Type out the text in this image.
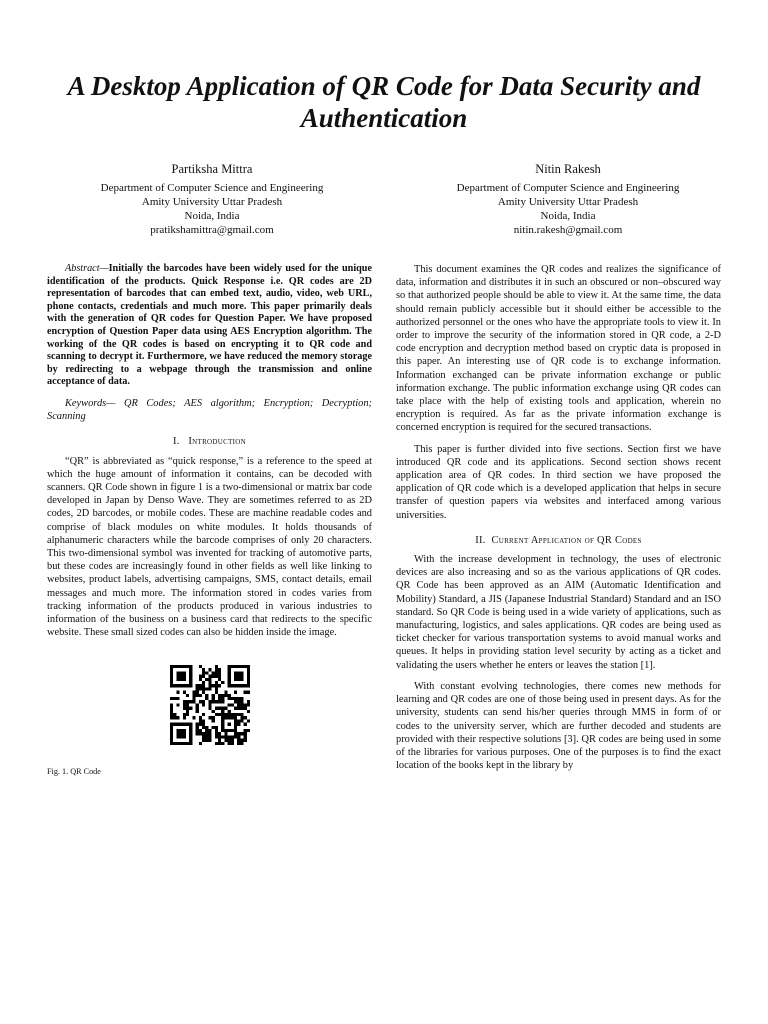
A Desktop Application of QR Code for Data Security and Authentication
Partiksha Mittra
Department of Computer Science and Engineering
Amity University Uttar Pradesh
Noida, India
pratikshamittra@gmail.com
Nitin Rakesh
Department of Computer Science and Engineering
Amity University Uttar Pradesh
Noida, India
nitin.rakesh@gmail.com

Abstract—Initially the barcodes have been widely used for the unique identification of the products. Quick Response i.e. QR codes are 2D representation of barcodes that can embed text, audio, video, web URL, phone contacts, credentials and much more. This paper primarily deals with the generation of QR codes for Question Paper. We have proposed encryption of Question Paper data using AES Encryption algorithm. The working of the QR codes is based on encrypting it to QR code and scanning to decrypt it. Furthermore, we have reduced the memory storage by redirecting to a webpage through the transmission and online acceptance of data.

Keywords— QR Codes; AES algorithm; Encryption; Decryption; Scanning

I. Introduction

“QR” is abbreviated as “quick response,” is a reference to the speed at which the huge amount of information it contains, can be decoded with scanners. QR Code shown in figure 1 is a two-dimensional or matrix bar code developed in Japan by Denso Wave. They are sometimes referred to as 2D codes, 2D barcodes, or mobile codes. These are machine readable codes and comprise of black modules on white modules. It holds thousands of alphanumeric characters while the barcode comprises of only 20 characters. This two-dimensional symbol was invented for tracking of automotive parts, but these codes are increasingly found in other fields as well like linking to websites, product labels, advertising campaigns, SMS, contact details, email messages and much more. The information stored in codes varies from tracking information of the products produced in various industries to information of the business on a business card that redirects to the specific website. These small sized codes can also be hidden inside the image.

Fig. 1. QR Code

This document examines the QR codes and realizes the significance of data, information and distributes it in such an obscured or non–obscured way so that authorized people should be able to view it. At the same time, the data should remain publicly accessible but it should either be accessible to the authorized personnel or the ones who have the appropriate tools to view it. In order to improve the security of the information stored in QR code, a 2-D code encryption and decryption method based on cryptic data is proposed in this paper. An interesting use of QR code is to exchange information. Information exchanged can be private information exchange or public information exchange. The public information exchange using QR codes can take place with the help of existing tools and application, wherein no encryption is required. As far as the private information exchange is concerned encryption is required for the secured transactions.

This paper is further divided into five sections. Section first we have introduced QR code and its applications. Second section shows recent application area of QR codes. In third section we have proposed the application of QR code which is a developed application that helps in secure transfer of question papers via websites and interfaced among various universities.

II. Current Application of QR Codes

With the increase development in technology, the uses of electronic devices are also increasing and so as the various applications of QR codes. QR Code has been approved as an AIM (Automatic Identification and Mobility) Standard, a JIS (Japanese Industrial Standard) Standard and an ISO standard. So QR Code is being used in a wide variety of applications, such as manufacturing, logistics, and sales applications. QR codes are being used as ticket checker for various transportation systems to avoid manual works and queues. It helps in providing station level security by acting as a ticket and validating the users whether he enters or leaves the station [1].

With constant evolving technologies, there comes new methods for learning and QR codes are one of those being used in present days. As for the university, students can send his/her queries through MMS in form of or codes to the university server, which are further decoded and students are provided with their respective solutions [3]. QR codes are being used in some of the libraries for various purposes. One of the purposes is to find the exact location of the books kept in the library by
